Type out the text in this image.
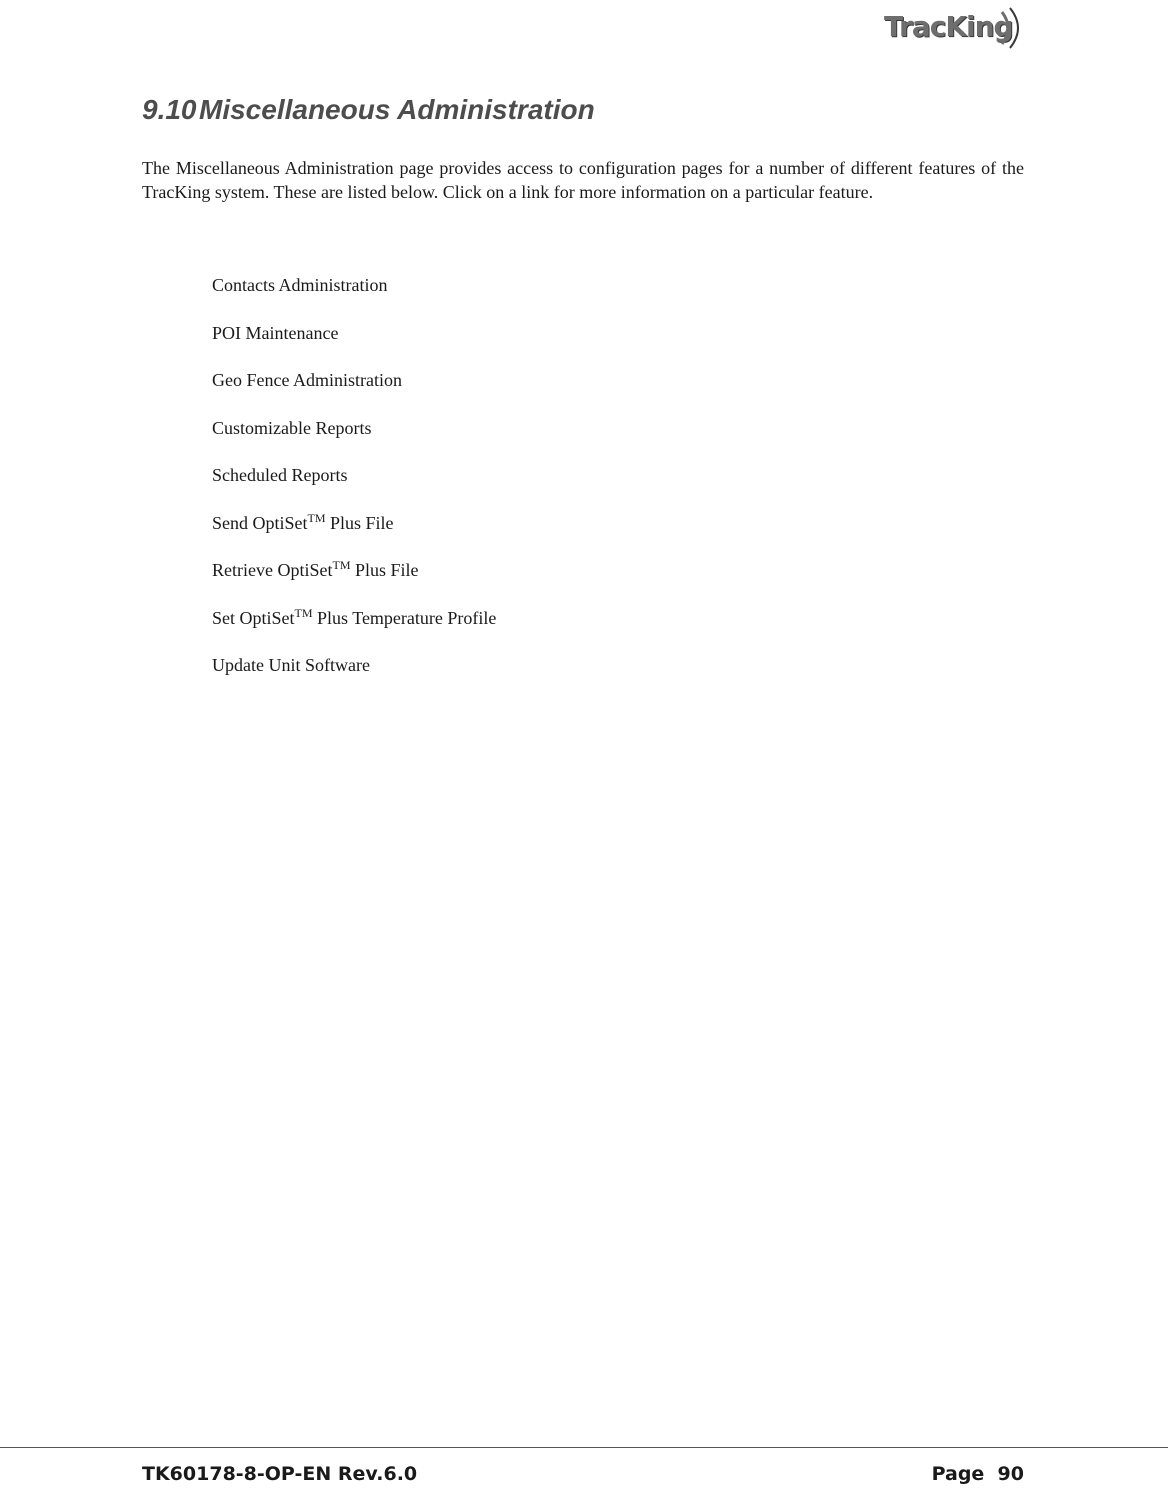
TracKing
9.10Miscellaneous Administration

The Miscellaneous Administration page provides access to configuration pages for a number of different features of the TracKing system. These are listed below. Click on a link for more information on a particular feature.

Contacts Administration
POI Maintenance
Geo Fence Administration
Customizable Reports
Scheduled Reports
Send OptiSet™ Plus File
Retrieve OptiSet™ Plus File
Set OptiSet™ Plus Temperature Profile
Update Unit Software
TK60178-8-OP-EN Rev.6.0	Page 90
